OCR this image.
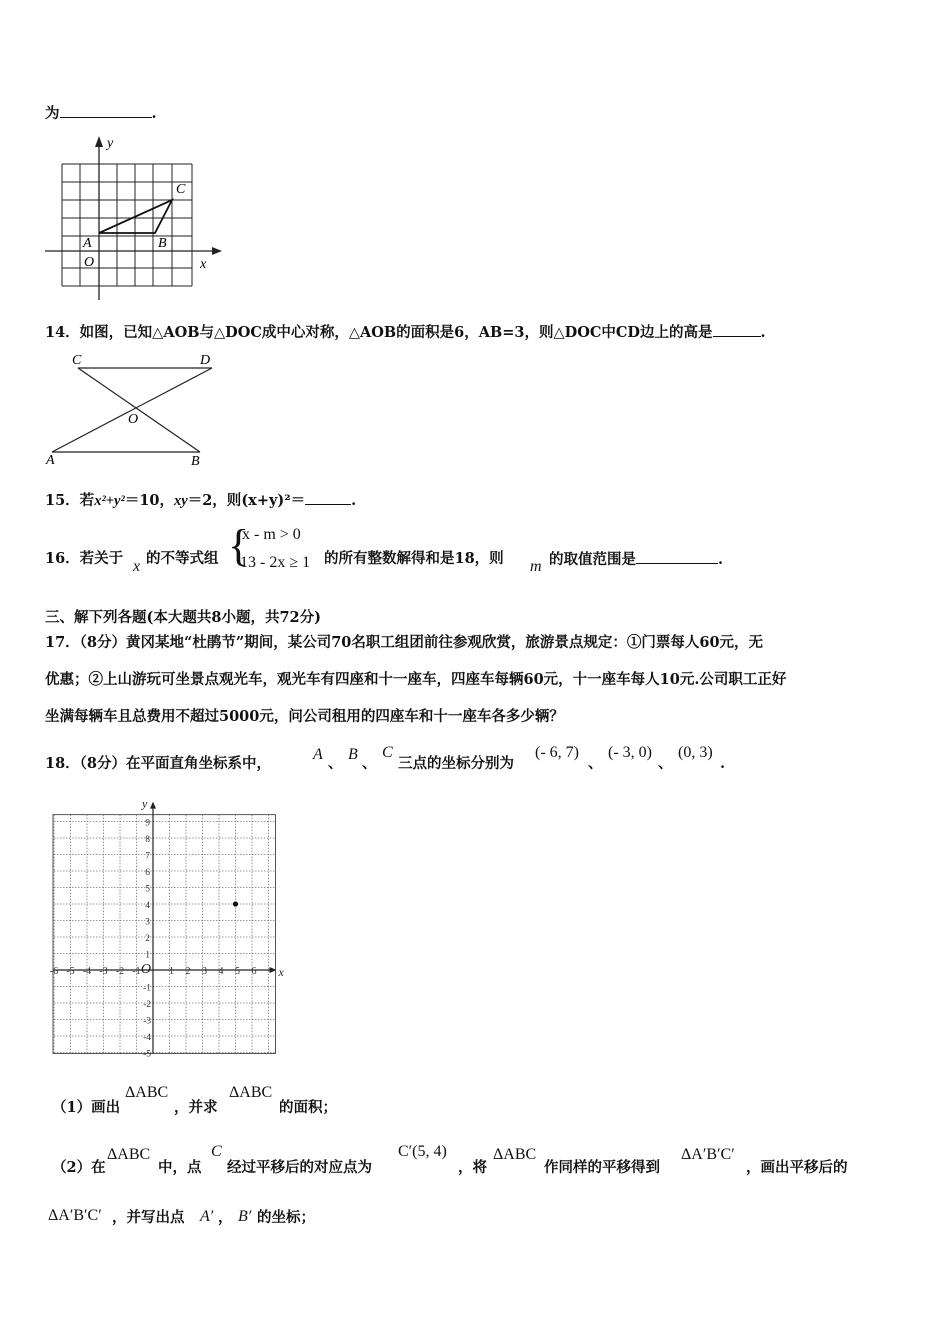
为	.
y
x
O
A	B
C
14．如图，已知△AOB与△DOC成中心对称，△AOB的面积是6，AB=3，则△DOC中CD边上的高是	.
C	D
O
A	B
15．若x²+y²＝10，xy＝2，则(x+y)²＝	.
16．若关于 x 的不等式组 {
x - m > 0
13 - 2x ≥ 1 的所有整数解得和是18，则 m 的取值范围是	.
三、解下列各题(本大题共8小题，共72分)
17．（8分）黄冈某地“杜鹃节”期间，某公司70名职工组团前往参观欣赏，旅游景点规定：①门票每人60元，无
优惠；②上山游玩可坐景点观光车，观光车有四座和十一座车，四座车每辆60元，十一座车每人10元.公司职工正好
坐满每辆车且总费用不超过5000元，问公司租用的四座车和十一座车各多少辆？
18．（8分）在平面直角坐标系中，
A
、
B
、
C
三点的坐标分别为
(- 6, 7)
、
(- 3, 0)
、
(0, 3)
.
-6 -5 -4 -3 -2 -1	1 2 3 4 5 6
9
8
7
6
5
4
3
2
1
-1
-2
-3
-4
-5
O	x
y
（1）画出
ΔABC
，并求
ΔABC
的面积；
（2）在
ΔABC
中，点
C
经过平移后的对应点为
C′(5, 4)
，将
ΔABC
作同样的平移得到
ΔA′B′C′
，画出平移后的
ΔA′B′C′ ，并写出点 A′ ， B′ 的坐标；
